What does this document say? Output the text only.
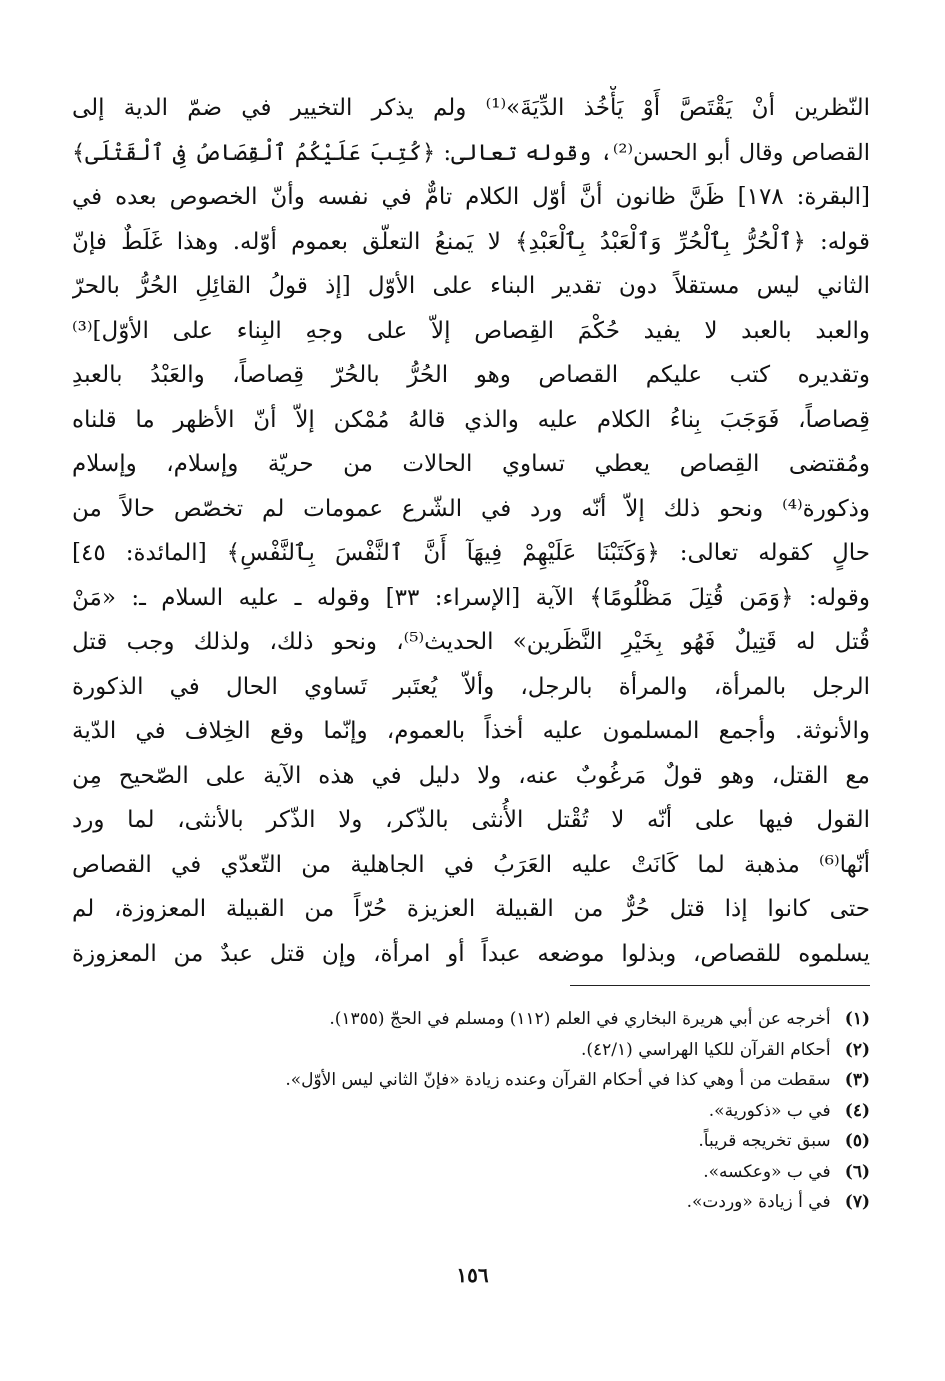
النّظرين أنْ يَقْتَصَّ أَوْ يَأْخُذ الدِّيَةَ»⁽¹⁾ ولم يذكر التخيير في ضمّ الدية إلى
القصاص وقال أبو الحسن⁽²⁾، وقوله تعالى: ﴿كُتِبَ عَلَيْكُمُ ٱلْقِصَاصُ فِى ٱلْقَتْلَى﴾
[البقرة: ١٧٨] ظَنَّ ظانون أنَّ أوّل الكلام تامٌّ في نفسه وأنّ الخصوص بعده في
قوله: ﴿ٱلْحُرُّ بِٱلْحُرِّ وَٱلْعَبْدُ بِٱلْعَبْدِ﴾ لا يَمنعُ التعلّق بعموم أوّله. وهذا غَلَطٌ فإنّ
الثاني ليس مستقلاً دون تقدير البناء على الأوّل [إذ قولُ القائِلِ الحُرُّ بالحرّ
والعبد بالعبد لا يفيد حُكْمَ القِصاص إلاّ على وجهِ البِناء على الأوّل]⁽³⁾
وتقديره كتب عليكم القصاص وهو الحُرُّ بالحُرّ قِصاصاً، والعَبْدُ بالعبدِ
قِصاصاً، فَوَجَبَ بِناءُ الكلام عليه والذي قالهُ مُمْكن إلاّ أنّ الأظهر ما قلناه
ومُقتضى القِصاص يعطي تساوي الحالات من حريّة وإسلام، وإسلام
وذكورة⁽⁴⁾ ونحو ذلك إلاّ أنّه ورد في الشّرع عمومات لم تخصّص حالاً من
حالٍ كقوله تعالى: ﴿وَكَتَبْنَا عَلَيْهِمْ فِيهَآ أَنَّ ٱلنَّفْسَ بِٱلنَّفْسِ﴾ [المائدة: ٤٥]
وقوله: ﴿وَمَن قُتِلَ مَظْلُومًا﴾ الآية [الإسراء: ٣٣] وقوله ـ عليه السلام ـ: «مَنْ
قُتل له قَتِيلٌ فَهُو بِخَيْرِ النَّظَرين» الحديث⁽⁵⁾، ونحو ذلك، ولذلك وجب قتل
الرجل بالمرأة، والمرأة بالرجل، وألاّ يُعتَبر تَساوي الحال في الذكورة
والأنوثة. وأجمع المسلمون عليه أخذاً بالعموم، وإنّما وقع الخِلاف في الدّية
مع القتل، وهو قولٌ مَرغُوبٌ عنه، ولا دليل في هذه الآية على الصّحيح مِن
القول فيها على أنّه لا تُقْتل الأُنثى بالذّكر، ولا الذّكر بالأنثى، لما ورد
أنّها⁽⁶⁾ مذهبة لما كَانَتْ عليه العَرَبُ في الجاهلية من التّعدّي في القصاص
حتى كانوا إذا قتل حُرٌّ من القبيلة العزيزة حُرّاً من القبيلة المعزوزة، لم
يسلموه للقصاص، وبذلوا موضعه عبداً أو امرأة، وإن قتل عبدٌ من المعزوزة
(١) أخرجه عن أبي هريرة البخاري في العلم (١١٢) ومسلم في الحجّ (١٣٥٥).
(٢) أحكام القرآن للكيا الهراسي (٤٢/١).
(٣) سقطت من أ وهي كذا في أحكام القرآن وعنده زيادة «فإنّ الثاني ليس الأوّل».
(٤) في ب «ذكورية».
(٥) سبق تخريجه قريباً.
(٦) في ب «وعكسه».
(٧) في أ زيادة «وردت».
١٥٦
